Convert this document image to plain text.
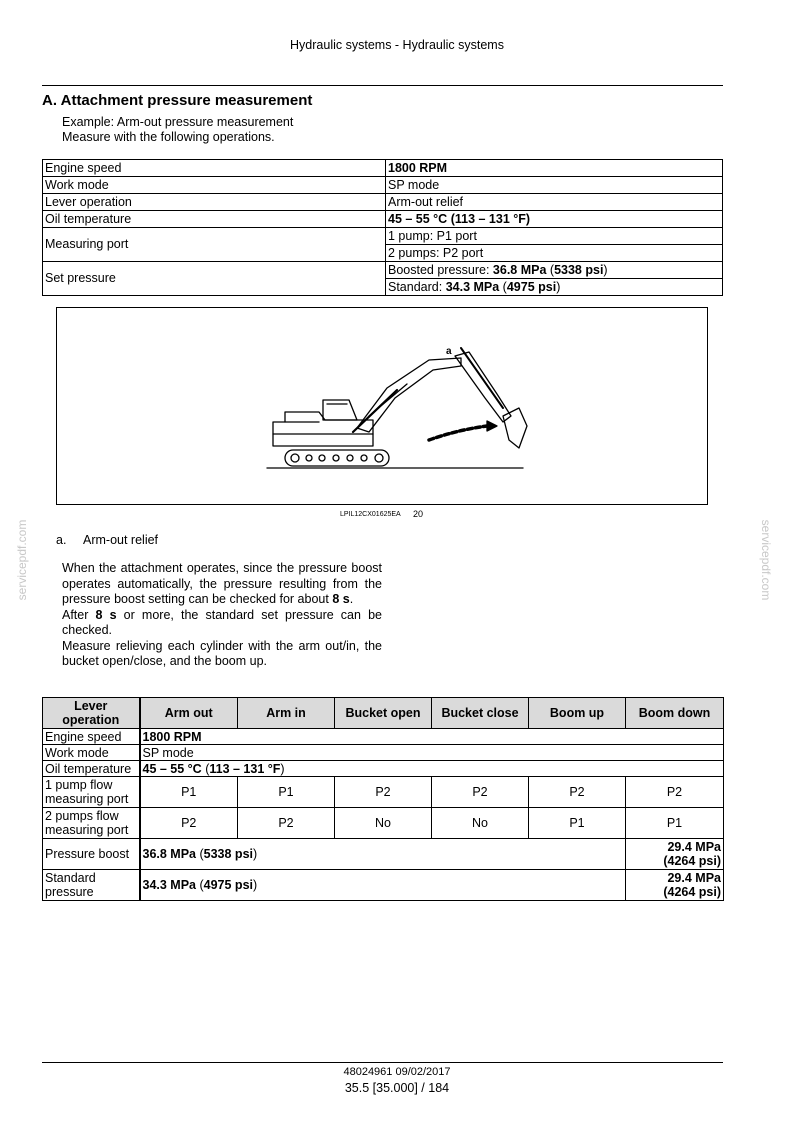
Hydraulic systems - Hydraulic systems
A. Attachment pressure measurement
Example: Arm-out pressure measurement
Measure with the following operations.
Engine speed	1800 RPM
Work mode	SP mode
Lever operation	Arm-out relief
Oil temperature	45 – 55 °C (113 – 131 °F)
Measuring port	1 pump: P1 port
	2 pumps: P2 port
Set pressure	Boosted pressure: 36.8 MPa (5338 psi)
	Standard: 34.3 MPa (4975 psi)
a
LPIL12CX01625EA 20
servicepdf.com	servicepdf.com
a. Arm-out relief

When the attachment operates, since the pressure boost operates automatically, the pressure resulting from the pressure boost setting can be checked for about 8 s.

After 8 s or more, the standard set pressure can be checked.

Measure relieving each cylinder with the arm out/in, the bucket open/close, and the boom up.

Lever operation	Arm out	Arm in	Bucket open	Bucket close	Boom up	Boom down
Engine speed	1800 RPM					
Work mode	SP mode					
Oil temperature	45 – 55 °C (113 – 131 °F)					
1 pump flow measuring port	P1	P1	P2	P2	P2	P2
2 pumps flow measuring port	P2	P2	No	No	P1	P1
Pressure boost	36.8 MPa (5338 psi)					29.4 MPa
(4264 psi)

Standard pressure	34.3 MPa (4975 psi)					29.4 MPa
(4264 psi)
48024961 09/02/2017
35.5 [35.000] / 184
